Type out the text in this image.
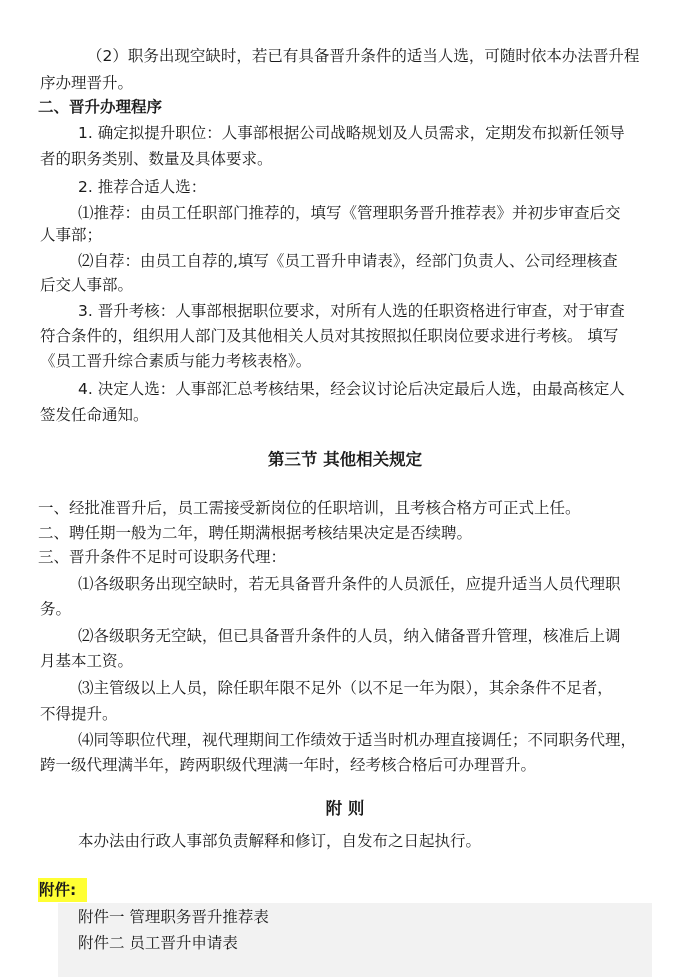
（2）职务出现空缺时，若已有具备晋升条件的适当人选，可随时依本办法晋升程
序办理晋升。
二、晋升办理程序
1. 确定拟提升职位：人事部根据公司战略规划及人员需求，定期发布拟新任领导
者的职务类别、数量及具体要求。
2. 推荐合适人选：
⑴推荐：由员工任职部门推荐的，填写《管理职务晋升推荐表》并初步审查后交
人事部；
⑵自荐：由员工自荐的,填写《员工晋升申请表》，经部门负责人、公司经理核查
后交人事部。
3. 晋升考核：人事部根据职位要求，对所有人选的任职资格进行审查，对于审查
符合条件的，组织用人部门及其他相关人员对其按照拟任职岗位要求进行考核。 填写
《员工晋升综合素质与能力考核表格》。
4. 决定人选：人事部汇总考核结果，经会议讨论后决定最后人选，由最高核定人
签发任命通知。
第三节 其他相关规定
一、经批准晋升后，员工需接受新岗位的任职培训，且考核合格方可正式上任。
二、聘任期一般为二年，聘任期满根据考核结果决定是否续聘。
三、晋升条件不足时可设职务代理：
⑴各级职务出现空缺时，若无具备晋升条件的人员派任，应提升适当人员代理职
务。
⑵各级职务无空缺，但已具备晋升条件的人员，纳入储备晋升管理，核准后上调
月基本工资。
⑶主管级以上人员，除任职年限不足外（以不足一年为限），其余条件不足者，
不得提升。
⑷同等职位代理，视代理期间工作绩效于适当时机办理直接调任；不同职务代理，
跨一级代理满半年，跨两职级代理满一年时，经考核合格后可办理晋升。
附 则
本办法由行政人事部负责解释和修订，自发布之日起执行。
附件:
附件一 管理职务晋升推荐表
附件二 员工晋升申请表
